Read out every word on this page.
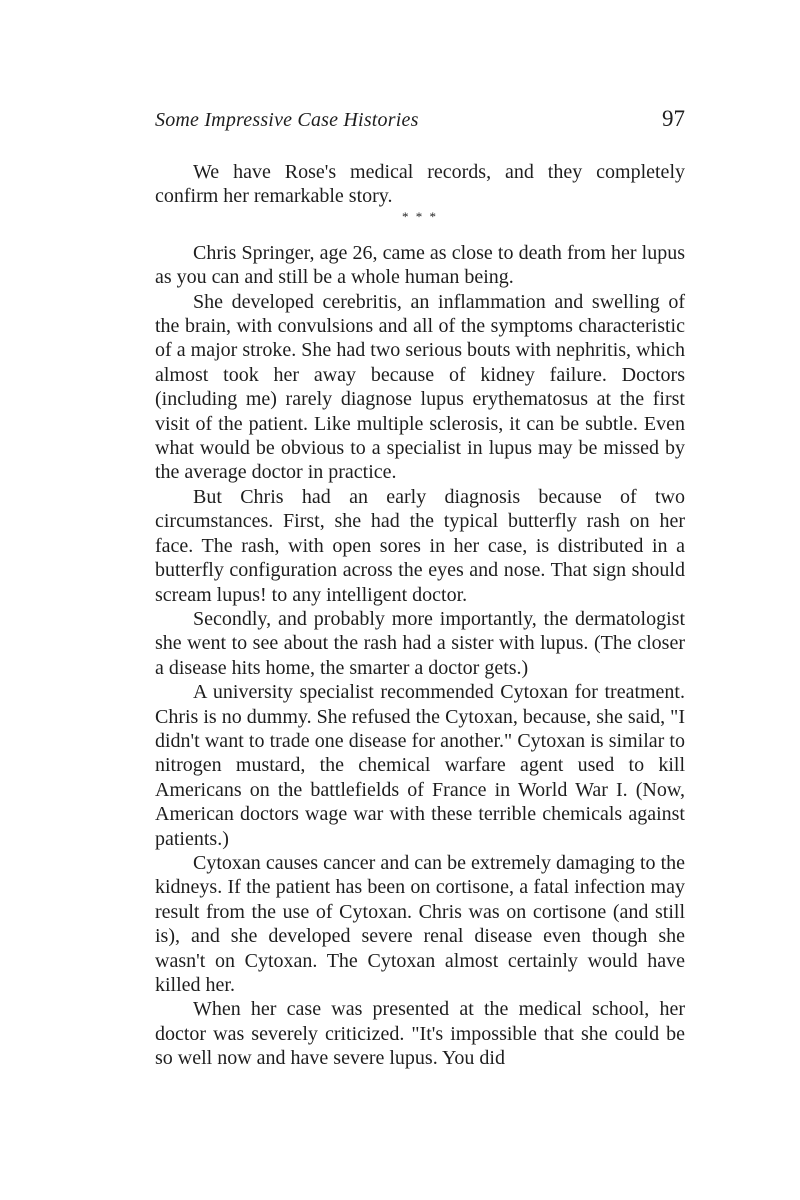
Some Impressive Case Histories	97

We have Rose's medical records, and they completely confirm her remarkable story.

* * *

Chris Springer, age 26, came as close to death from her lupus as you can and still be a whole human being.

She developed cerebritis, an inflammation and swelling of the brain, with convulsions and all of the symptoms characteristic of a major stroke. She had two serious bouts with nephritis, which almost took her away because of kidney failure. Doctors (including me) rarely diagnose lupus erythematosus at the first visit of the patient. Like multiple sclerosis, it can be subtle. Even what would be obvious to a specialist in lupus may be missed by the average doctor in practice.

But Chris had an early diagnosis because of two circumstances. First, she had the typical butterfly rash on her face. The rash, with open sores in her case, is distributed in a butterfly configuration across the eyes and nose. That sign should scream lupus! to any intelligent doctor.

Secondly, and probably more importantly, the dermatologist she went to see about the rash had a sister with lupus. (The closer a disease hits home, the smarter a doctor gets.)

A university specialist recommended Cytoxan for treatment. Chris is no dummy. She refused the Cytoxan, because, she said, "I didn't want to trade one disease for another." Cytoxan is similar to nitrogen mustard, the chemical warfare agent used to kill Americans on the battlefields of France in World War I. (Now, American doctors wage war with these terrible chemicals against patients.)

Cytoxan causes cancer and can be extremely damaging to the kidneys. If the patient has been on cortisone, a fatal infection may result from the use of Cytoxan. Chris was on cortisone (and still is), and she developed severe renal disease even though she wasn't on Cytoxan. The Cytoxan almost certainly would have killed her.

When her case was presented at the medical school, her doctor was severely criticized. "It's impossible that she could be so well now and have severe lupus. You did
